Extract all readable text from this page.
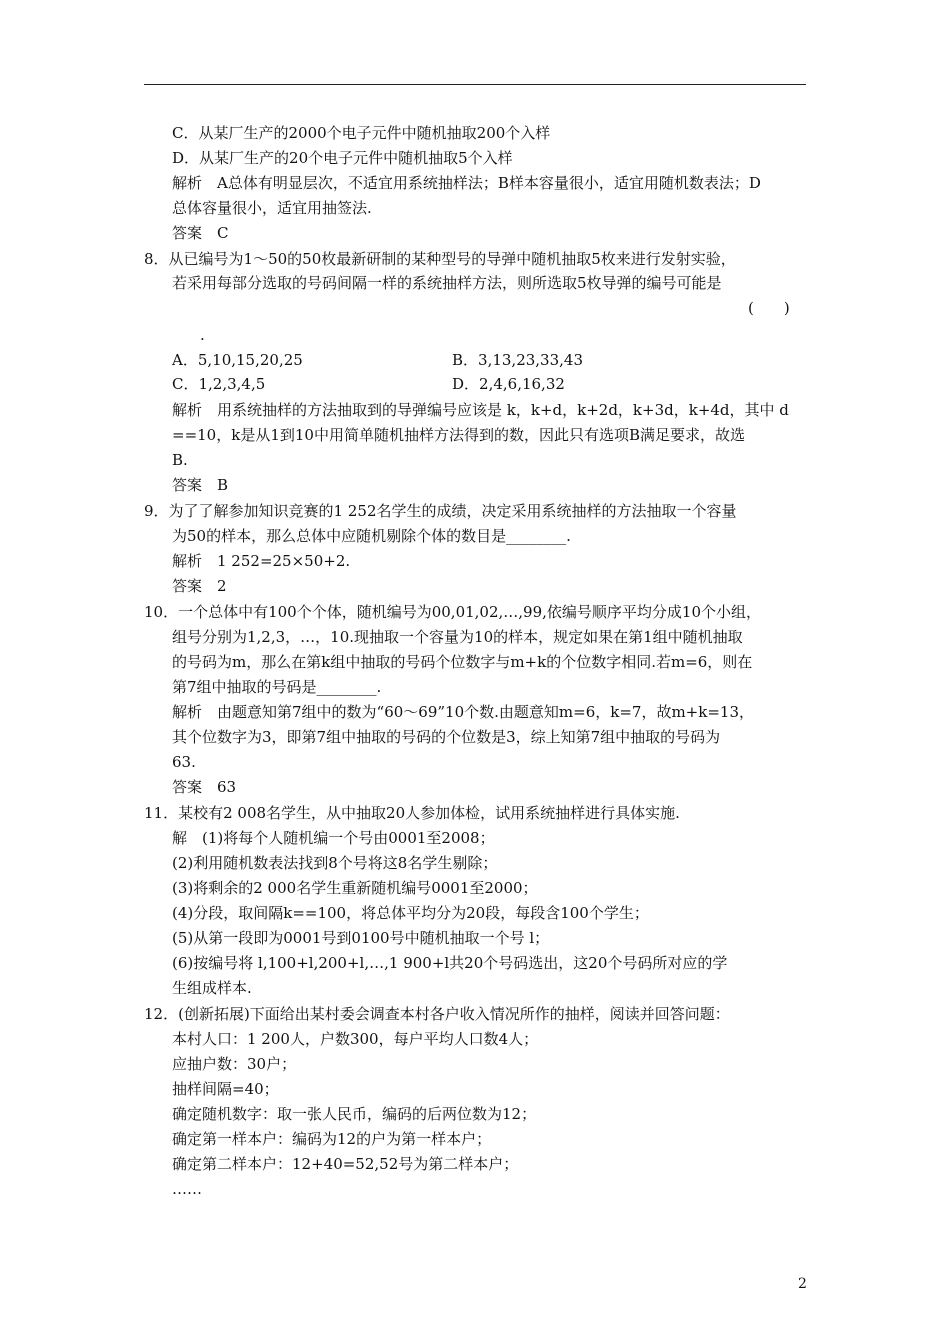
C．从某厂生产的2000个电子元件中随机抽取200个入样
D．从某厂生产的20个电子元件中随机抽取5个入样
解析　A总体有明显层次，不适宜用系统抽样法；B样本容量很小，适宜用随机数表法；D
总体容量很小，适宜用抽签法.
答案　C
8．从已编号为1～50的50枚最新研制的某种型号的导弹中随机抽取5枚来进行发射实验，
若采用每部分选取的号码间隔一样的系统抽样方法，则所选取5枚导弹的编号可能是
(　　)
.
A．5,10,15,20,25	B．3,13,23,33,43
C．1,2,3,4,5	D．2,4,6,16,32
解析　用系统抽样的方法抽取到的导弹编号应该是 k，k+d，k+2d，k+3d，k+4d，其中 d
==10，k是从1到10中用简单随机抽样方法得到的数，因此只有选项B满足要求，故选
B.
答案　B
9．为了了解参加知识竞赛的1 252名学生的成绩，决定采用系统抽样的方法抽取一个容量
为50的样本，那么总体中应随机剔除个体的数目是________.
解析　1 252=25×50+2.
答案　2
10．一个总体中有100个个体，随机编号为00,01,02,…,99,依编号顺序平均分成10个小组，
组号分别为1,2,3，…，10.现抽取一个容量为10的样本，规定如果在第1组中随机抽取
的号码为m，那么在第k组中抽取的号码个位数字与m+k的个位数字相同.若m=6，则在
第7组中抽取的号码是________.
解析　由题意知第7组中的数为“60～69”10个数.由题意知m=6，k=7，故m+k=13，
其个位数字为3，即第7组中抽取的号码的个位数是3，综上知第7组中抽取的号码为
63.
答案　63
11．某校有2 008名学生，从中抽取20人参加体检，试用系统抽样进行具体实施.
解　(1)将每个人随机编一个号由0001至2008；
(2)利用随机数表法找到8个号将这8名学生剔除；
(3)将剩余的2 000名学生重新随机编号0001至2000；
(4)分段，取间隔k==100，将总体平均分为20段，每段含100个学生；
(5)从第一段即为0001号到0100号中随机抽取一个号 l；
(6)按编号将 l,100+l,200+l,…,1 900+l共20个号码选出，这20个号码所对应的学
生组成样本.
12．(创新拓展)下面给出某村委会调查本村各户收入情况所作的抽样，阅读并回答问题：
本村人口：1 200人，户数300，每户平均人口数4人；
应抽户数：30户；
抽样间隔=40；
确定随机数字：取一张人民币，编码的后两位数为12；
确定第一样本户：编码为12的户为第一样本户；
确定第二样本户：12+40=52,52号为第二样本户；
……
2
